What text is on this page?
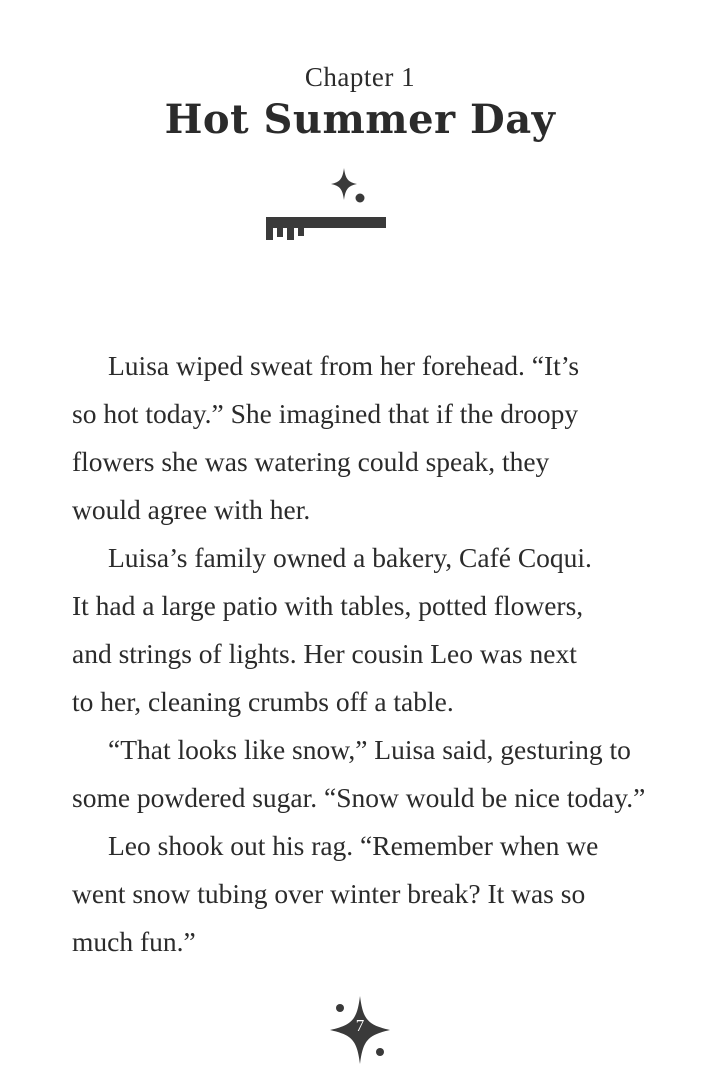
Chapter 1
Hot Summer Day
Luisa wiped sweat from her forehead. “It’s
so hot today.” She imagined that if the droopy
flowers she was watering could speak, they
would agree with her.
Luisa’s family owned a bakery, Café Coqui.
It had a large patio with tables, potted flowers,
and strings of lights. Her cousin Leo was next
to her, cleaning crumbs off a table.
“That looks like snow,” Luisa said, gesturing to
some powdered sugar. “Snow would be nice today.”
Leo shook out his rag. “Remember when we
went snow tubing over winter break? It was so
much fun.”
7
